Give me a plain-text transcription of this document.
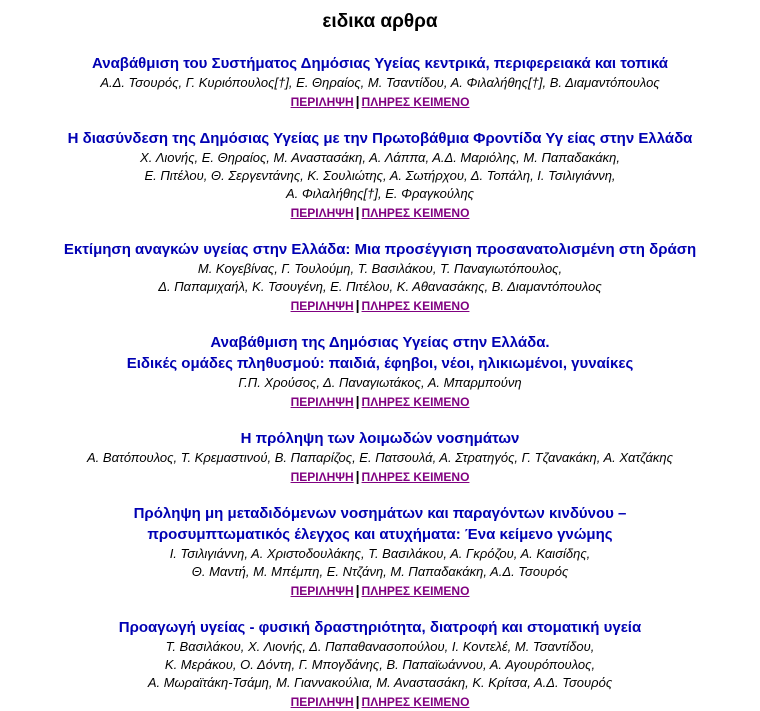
ειδικα αρθρα
Αναβάθμιση του Συστήματος Δημόσιας Υγείας κεντρικά, περιφερειακά και τοπικά
Α.Δ. Τσουρός, Γ. Κυριόπουλος[†], Ε. Θηραίος, Μ. Τσαντίδου, Α. Φιλαλήθης[†], Β. Διαμαντόπουλος
ΠΕΡΙΛΗΨΗ | ΠΛΗΡΕΣ ΚΕΙΜΕΝΟ
Η διασύνδεση της Δημόσιας Υγείας με την Πρωτοβάθμια Φροντίδα Υγ είας στην Ελλάδα
Χ. Λιονής, Ε. Θηραίος, Μ. Αναστασάκη, Α. Λάππα, Α.Δ. Μαριόλης, Μ. Παπαδακάκη,
Ε. Πιτέλου, Θ. Σεργεντάνης, Κ. Σουλιώτης, Α. Σωτήρχου, Δ. Τοπάλη, Ι. Τσιλιγιάννη,
Α. Φιλαλήθης[†], Ε. Φραγκούλης
ΠΕΡΙΛΗΨΗ | ΠΛΗΡΕΣ ΚΕΙΜΕΝΟ
Εκτίμηση αναγκών υγείας στην Ελλάδα: Μια προσέγγιση προσανατολισμένη στη δράση
Μ. Κογεβίνας, Γ. Τουλούμη, Τ. Βασιλάκου, Τ. Παναγιωτόπουλος,
Δ. Παπαμιχαήλ, Κ. Τσουγένη, Ε. Πιτέλου, Κ. Αθανασάκης, Β. Διαμαντόπουλος
ΠΕΡΙΛΗΨΗ | ΠΛΗΡΕΣ ΚΕΙΜΕΝΟ
Αναβάθμιση της Δημόσιας Υγείας στην Ελλάδα.
Ειδικές ομάδες πληθυσμού: παιδιά, έφηβοι, νέοι, ηλικιωμένοι, γυναίκες
Γ.Π. Χρούσος, Δ. Παναγιωτάκος, Α. Μπαρμπούνη
ΠΕΡΙΛΗΨΗ | ΠΛΗΡΕΣ ΚΕΙΜΕΝΟ
Η πρόληψη των λοιμωδών νοσημάτων
Α. Βατόπουλος, Τ. Κρεμαστινού, Β. Παπαρίζος, Ε. Πατσουλά, Α. Στρατηγός, Γ. Τζανακάκη, Α. Χατζάκης
ΠΕΡΙΛΗΨΗ | ΠΛΗΡΕΣ ΚΕΙΜΕΝΟ
Πρόληψη μη μεταδιδόμενων νοσημάτων και παραγόντων κινδύνου –
προσυμπτωματικός έλεγχος και ατυχήματα: Ένα κείμενο γνώμης
Ι. Τσιλιγιάννη, Α. Χριστοδουλάκης, Τ. Βασιλάκου, Α. Γκρόζου, Α. Καισίδης,
Θ. Μαντή, Μ. Μπέμπη, Ε. Ντζάνη, Μ. Παπαδακάκη, Α.Δ. Τσουρός
ΠΕΡΙΛΗΨΗ | ΠΛΗΡΕΣ ΚΕΙΜΕΝΟ
Προαγωγή υγείας - φυσική δραστηριότητα, διατροφή και στοματική υγεία
Τ. Βασιλάκου, Χ. Λιονής, Δ. Παπαθανασοπούλου, Ι. Κοντελέ, Μ. Τσαντίδου,
Κ. Μεράκου, Ο. Δόντη, Γ. Μπογδάνης, Β. Παπαϊωάννου, Α. Αγουρόπουλος,
Α. Μωραϊτάκη-Τσάμη, Μ. Γιαννακούλια, Μ. Αναστασάκη, Κ. Κρίτσα, Α.Δ. Τσουρός
ΠΕΡΙΛΗΨΗ | ΠΛΗΡΕΣ ΚΕΙΜΕΝΟ
